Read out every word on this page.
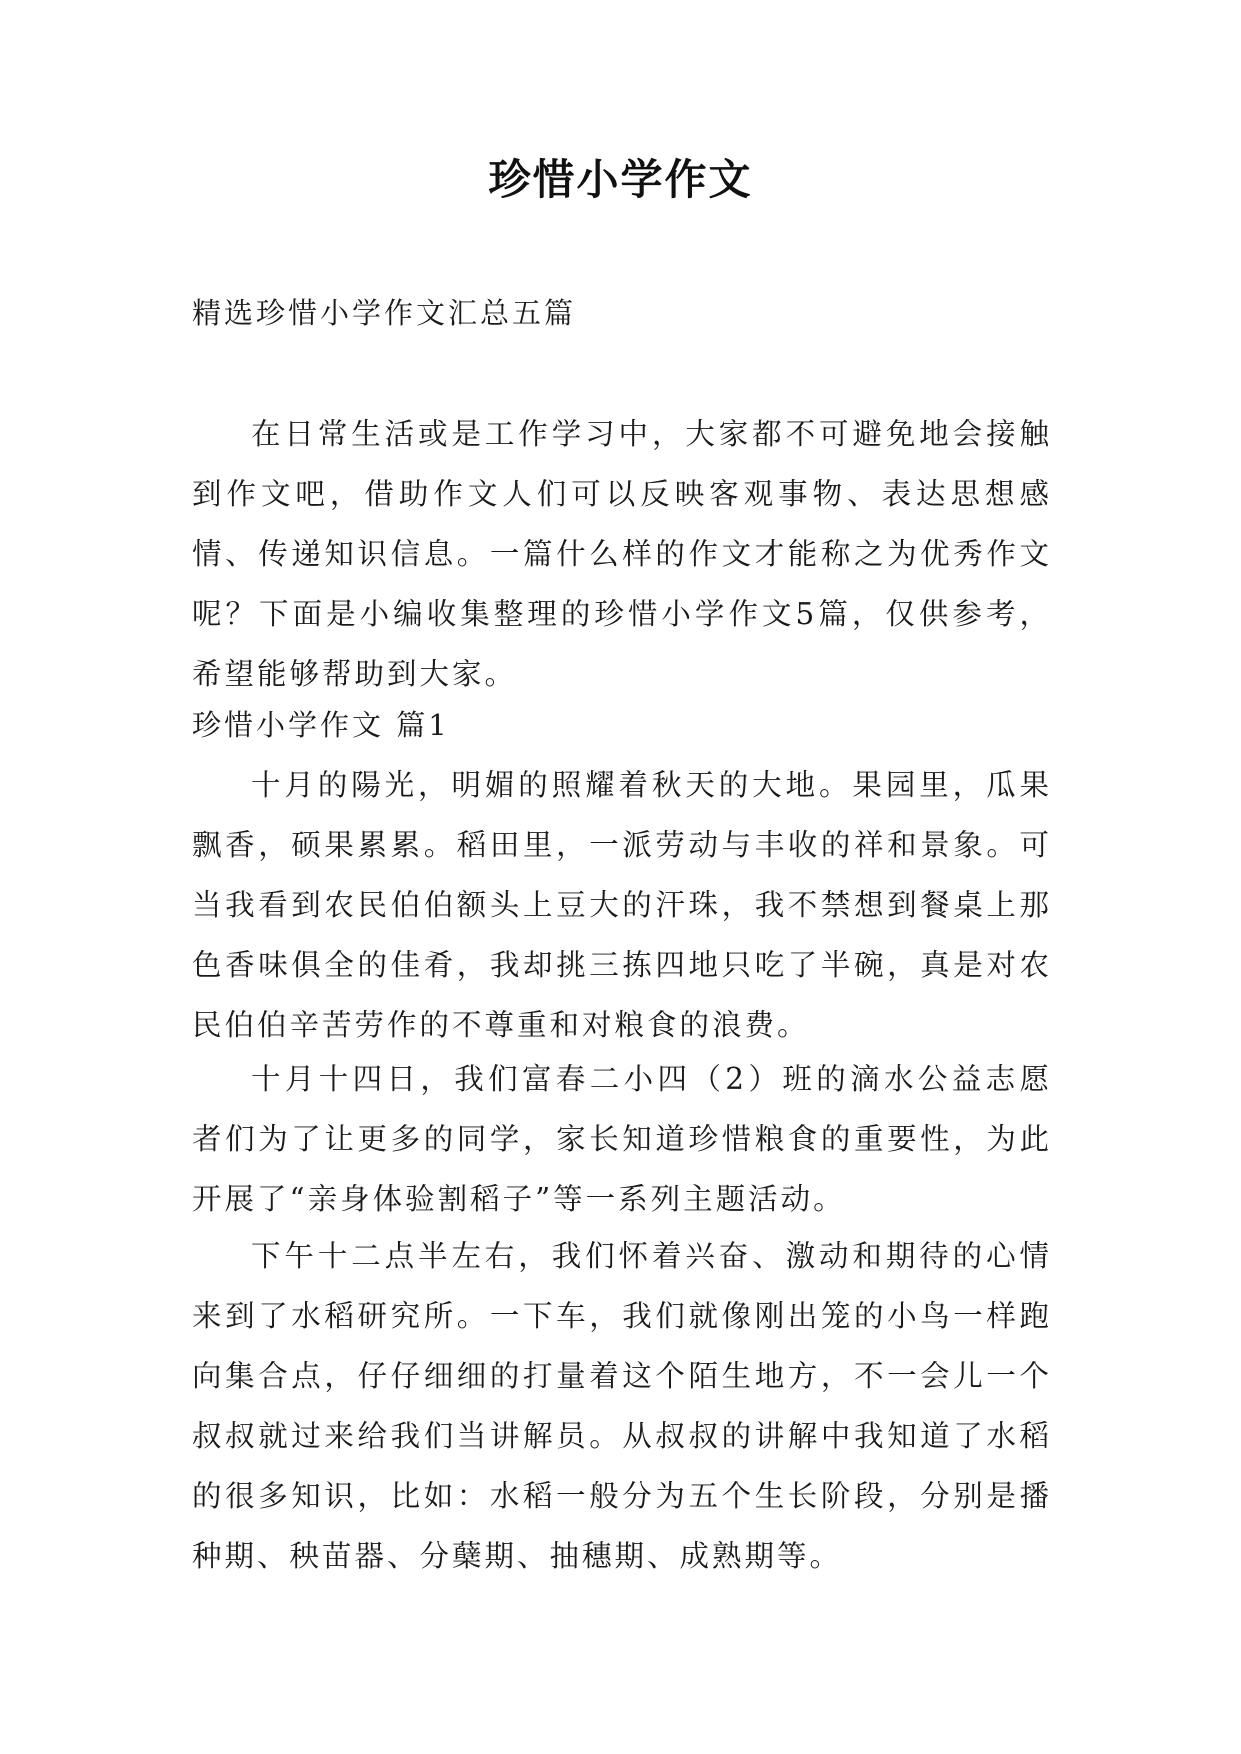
珍惜小学作文

精选珍惜小学作文汇总五篇

在日常生活或是工作学习中，大家都不可避免地会接触到作文吧，借助作文人们可以反映客观事物、表达思想感情、传递知识信息。一篇什么样的作文才能称之为优秀作文呢？下面是小编收集整理的珍惜小学作文5篇，仅供参考，希望能够帮助到大家。

珍惜小学作文 篇1

十月的陽光，明媚的照耀着秋天的大地。果园里，瓜果飘香，硕果累累。稻田里，一派劳动与丰收的祥和景象。可当我看到农民伯伯额头上豆大的汗珠，我不禁想到餐桌上那色香味俱全的佳肴，我却挑三拣四地只吃了半碗，真是对农民伯伯辛苦劳作的不尊重和对粮食的浪费。

十月十四日，我们富春二小四（2）班的滴水公益志愿者们为了让更多的同学，家长知道珍惜粮食的重要性，为此开展了“亲身体验割稻子”等一系列主题活动。

下午十二点半左右，我们怀着兴奋、激动和期待的心情来到了水稻研究所。一下车，我们就像刚出笼的小鸟一样跑向集合点，仔仔细细的打量着这个陌生地方，不一会儿一个叔叔就过来给我们当讲解员。从叔叔的讲解中我知道了水稻的很多知识，比如：水稻一般分为五个生长阶段，分别是播种期、秧苗器、分蘖期、抽穗期、成熟期等。
